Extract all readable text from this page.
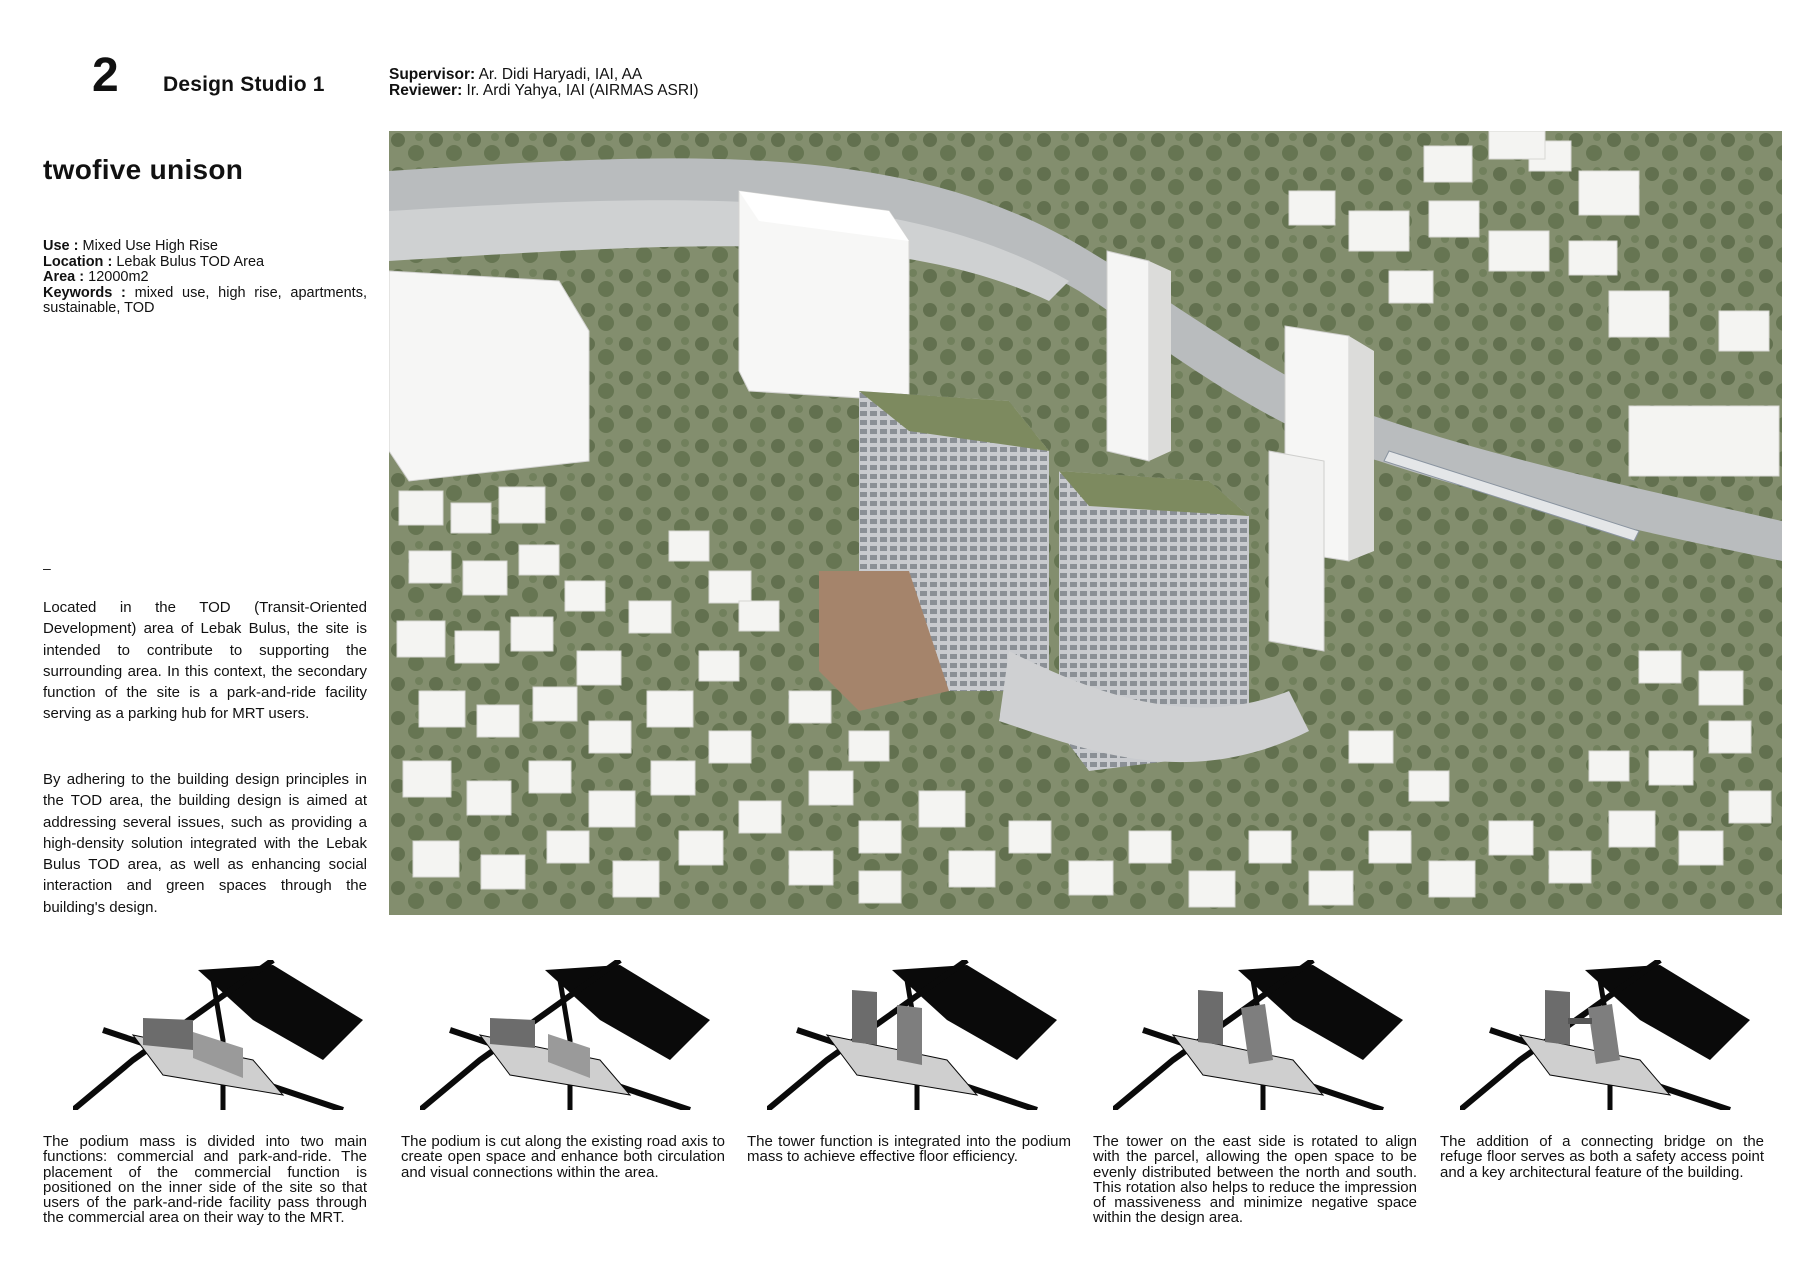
2 Design Studio 1	Supervisor: Ar. Didi Haryadi, IAI, AA
Reviewer: Ir. Ardi Yahya, IAI (AIRMAS ASRI)
twofive unison
Use : Mixed Use High Rise
Location : Lebak Bulus TOD Area
Area : 12000m2
Keywords : mixed use, high rise, apartments, sustainable, TOD
–
Located in the TOD (Transit-Oriented Development) area of Lebak Bulus, the site is intended to contribute to supporting the surrounding area. In this context, the secondary function of the site is a park-and-ride facility serving as a parking hub for MRT users.
By adhering to the building design principles in the TOD area, the building design is aimed at addressing several issues, such as providing a high-density solution integrated with the Lebak Bulus TOD area, as well as enhancing social interaction and green spaces through the building's design.
The podium mass is divided into two main functions: commercial and park-and-ride. The placement of the commercial function is positioned on the inner side of the site so that users of the park-and-ride facility pass through the commercial area on their way to the MRT.
The podium is cut along the existing road axis to create open space and enhance both circulation and visual connections within the area.
The tower function is integrated into the podium mass to achieve effective floor efficiency.
The tower on the east side is rotated to align with the parcel, allowing the open space to be evenly distributed between the north and south. This rotation also helps to reduce the impression of massiveness and minimize negative space within the design area.
The addition of a connecting bridge on the refuge floor serves as both a safety access point and a key architectural feature of the building.
